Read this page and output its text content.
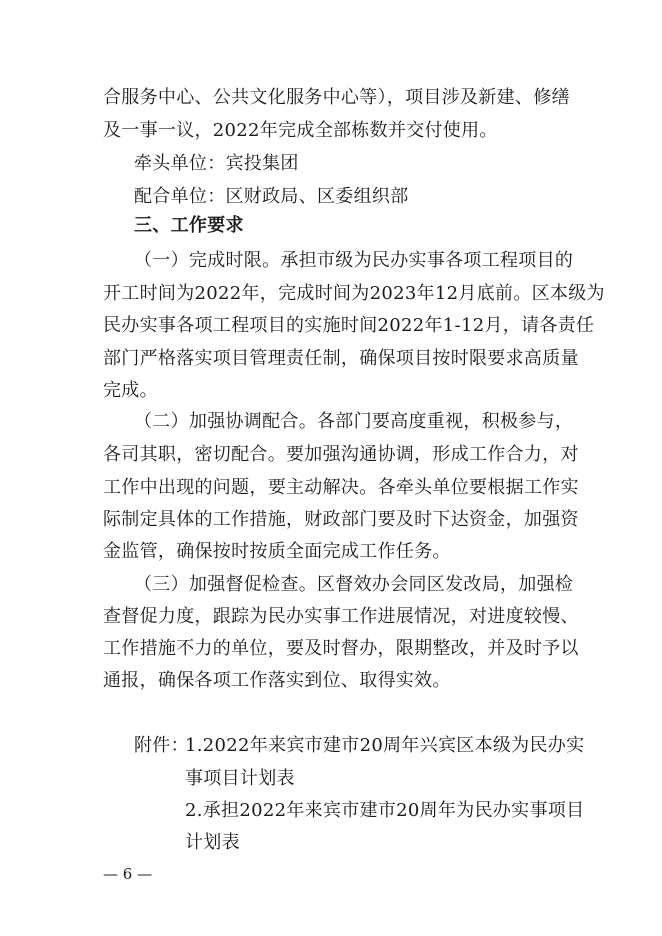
合服务中心、公共文化服务中心等），项目涉及新建、修缮
及一事一议，2022年完成全部栋数并交付使用。
牵头单位：宾投集团
配合单位：区财政局、区委组织部
三、工作要求
（一）完成时限。承担市级为民办实事各项工程项目的
开工时间为2022年，完成时间为2023年12月底前。区本级为
民办实事各项工程项目的实施时间2022年1-12月，请各责任
部门严格落实项目管理责任制，确保项目按时限要求高质量
完成。
（二）加强协调配合。各部门要高度重视，积极参与，
各司其职，密切配合。要加强沟通协调，形成工作合力，对
工作中出现的问题，要主动解决。各牵头单位要根据工作实
际制定具体的工作措施，财政部门要及时下达资金，加强资
金监管，确保按时按质全面完成工作任务。
（三）加强督促检查。区督效办会同区发改局，加强检
查督促力度，跟踪为民办实事工作进展情况，对进度较慢、
工作措施不力的单位，要及时督办，限期整改，并及时予以
通报，确保各项工作落实到位、取得实效。
附件：
1.2022年来宾市建市20周年兴宾区本级为民办实
事项目计划表
2.承担2022年来宾市建市20周年为民办实事项目
计划表
— 6 —
